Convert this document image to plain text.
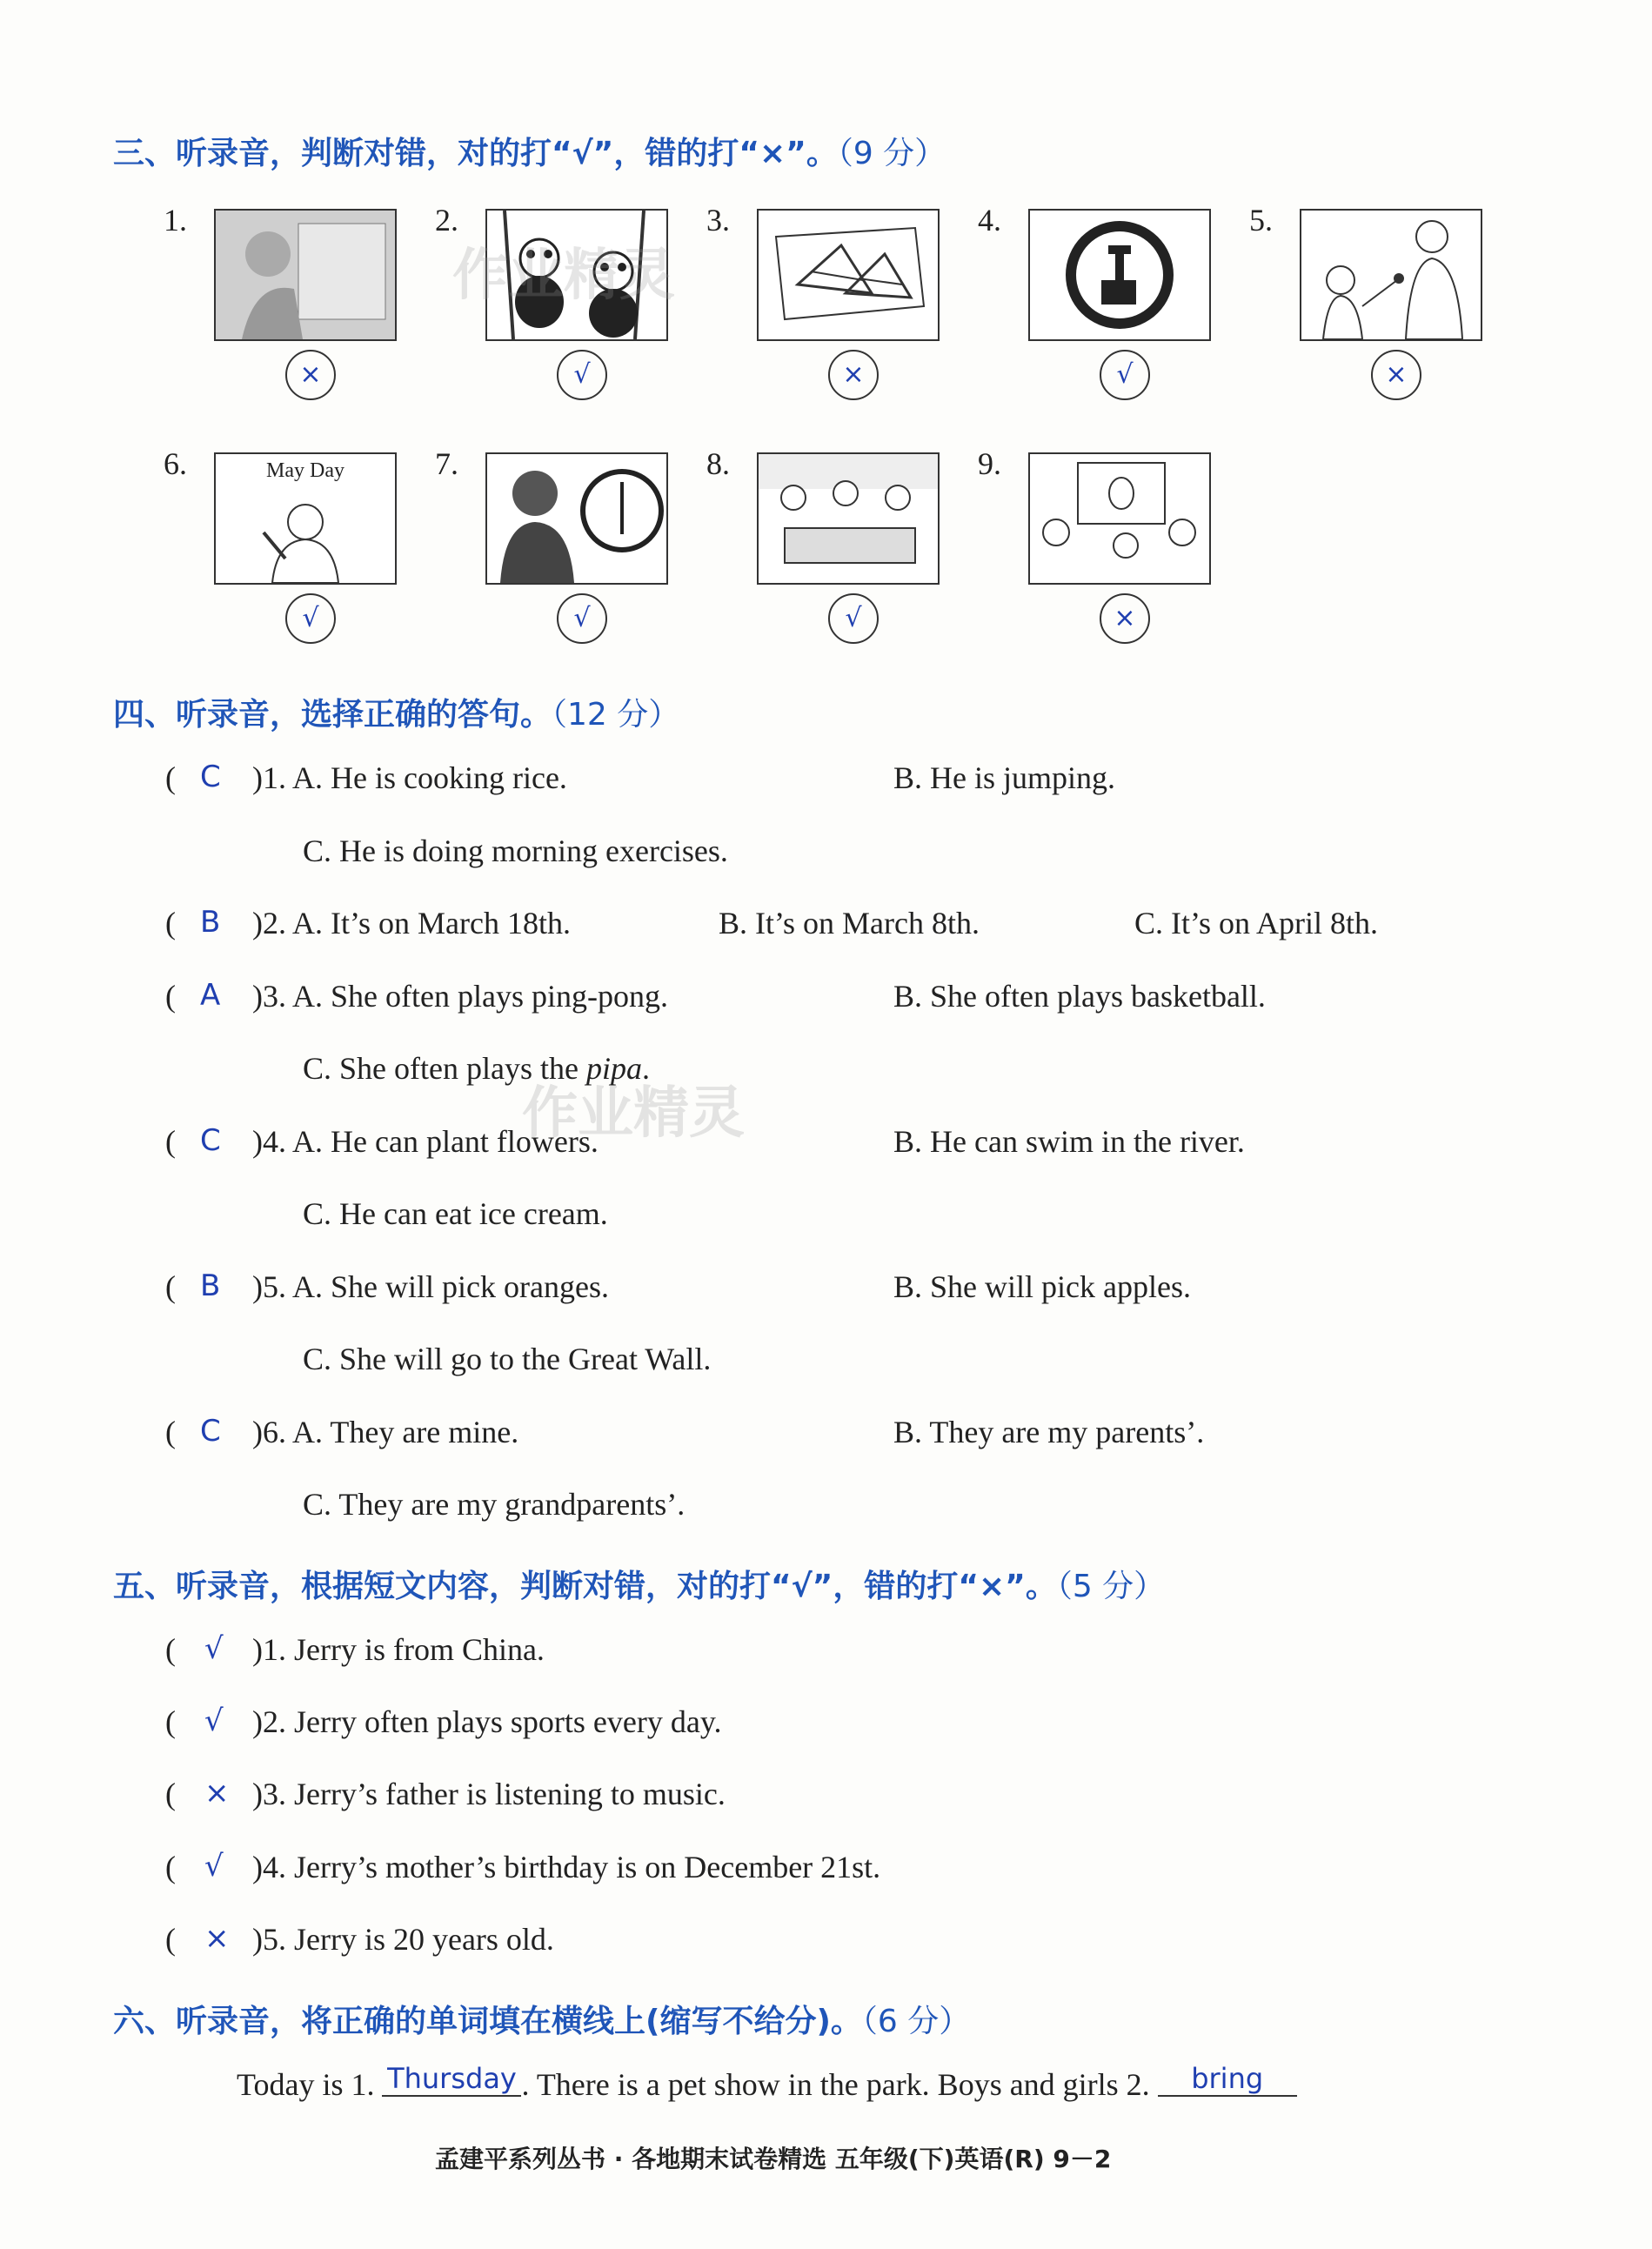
三、听录音，判断对错，对的打“√”，错的打“×”。（9 分）
1.
×
2.
√
3.
×
4.
√
5.
×
6.	May Day
√
7.
√
8.
√
9.
×
四、听录音，选择正确的答句。（12 分）
( C )1. A. He is cooking rice.	B. He is jumping.
C. He is doing morning exercises.
( B )2. A. It’s on March 18th.	B. It’s on March 8th.	C. It’s on April 8th.
( A )3. A. She often plays ping-pong.	B. She often plays basketball.
C. She often plays the pipa.
( C )4. A. He can plant flowers.	B. He can swim in the river.
C. He can eat ice cream.
( B )5. A. She will pick oranges.	B. She will pick apples.
C. She will go to the Great Wall.
( C )6. A. They are mine.	B. They are my parents’.
C. They are my grandparents’.
五、听录音，根据短文内容，判断对错，对的打“√”，错的打“×”。（5 分）
( √ )1. Jerry is from China.
( √ )2. Jerry often plays sports every day.
( × )3. Jerry’s father is listening to music.
( √ )4. Jerry’s mother’s birthday is on December 21st.
( × )5. Jerry is 20 years old.
六、听录音，将正确的单词填在横线上(缩写不给分)。（6 分）
Today is 1. Thursday . There is a pet show in the park. Boys and girls 2. bring
孟建平系列丛书 · 各地期末试卷精选 五年级(下)英语(R) 9－2
作业精灵
作业精灵
